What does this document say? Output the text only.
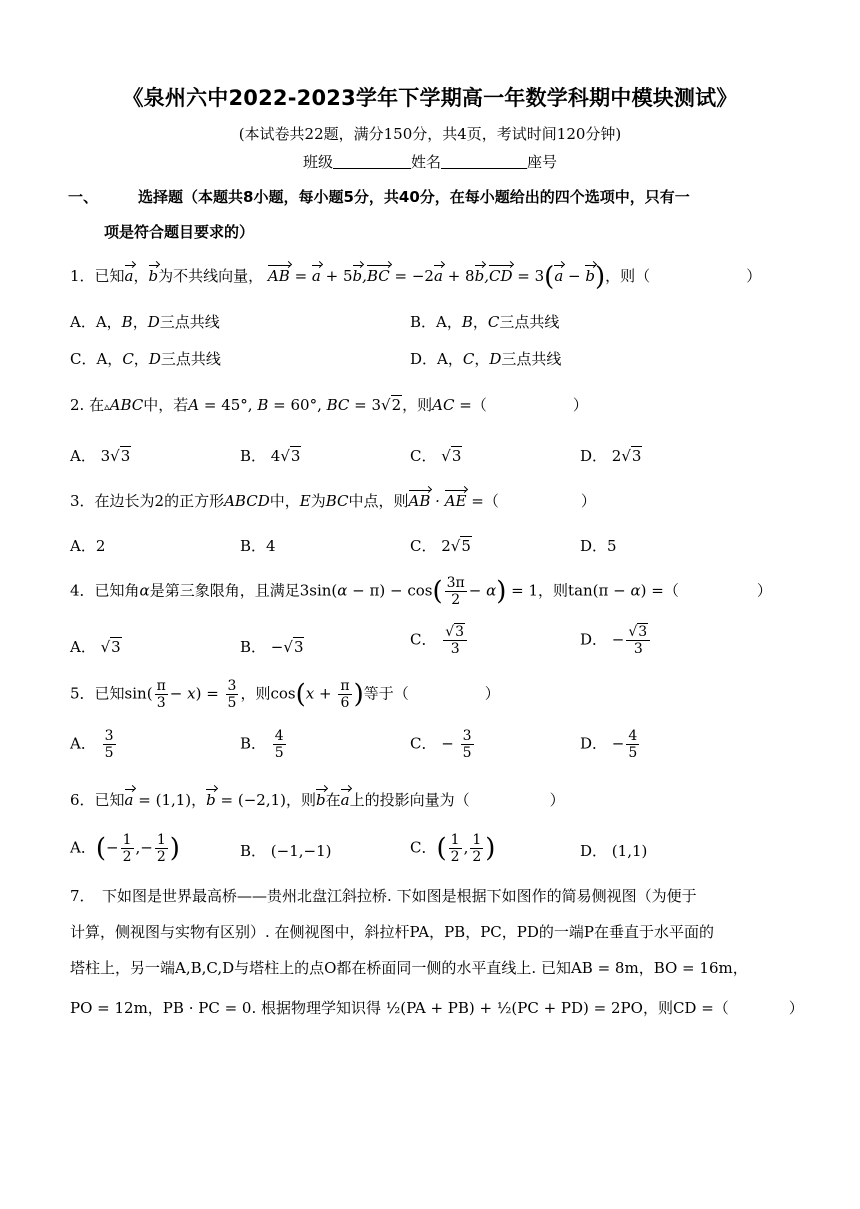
《泉州六中2022-2023学年下学期高一年数学科期中模块测试》
(本试卷共22题，满分150分，共4页，考试时间120分钟)
班级	姓名	座号
一、	选择题（本题共8小题，每小题5分，共40分，在每小题给出的四个选项中，只有一
项是符合题目要求的）
1．已知a，b为不共线向量， AB = a + 5b,BC = −2a + 8b,CD = 3(a − b)，则（	）
A．A，B，D三点共线	B．A，B，C三点共线
C．A，C，D三点共线	D．A，C，D三点共线
2. 在▵ABC中，若A = 45°, B = 60°, BC = 3√2，则AC =（	）
A． 3√3	B． 4√3	C． √3	D． 2√3
3．在边长为2的正方形ABCD中，E为BC中点，则AB · AE =（	）
A．2	B．4	C． 2√5	D．5
4．已知角α是第三象限角，且满足$3\sin(\alpha - \pi) - \cos( \frac{3\pi}{2} - \alpha) = 1$，则tan(π − α) =（	）
A． √3	B． −√3	C． $\frac{√3}{3}$	D． − $\frac{√3}{3}$
5．已知$\sin( \frac{\pi}{3} - x) = \frac{3}{5}$ ，则$\cos(x + \frac{\pi}{6}$ )等于（	）
A． $\frac{3}{5}$	B． $\frac{4}{5}$	C． − $\frac{3}{5}$	D． − $\frac{4}{5}$
6．已知a = (1,1)，b = (−2,1)，则b在a上的投影向量为（	）
A．(− $\frac{1}{2}$ ,− $\frac{1}{2}$ )	B． (−1,−1)	C．( $\frac{1}{2}$ , $\frac{1}{2}$ )	D． (1,1)
7．　下如图是世界最高桥——贵州北盘江斜拉桥. 下如图是根据下如图作的简易侧视图（为便于
计算，侧视图与实物有区别）. 在侧视图中，斜拉杆PA，PB，PC，PD的一端P在垂直于水平面的
塔柱上，另一端A,B,C,D与塔柱上的点O都在桥面同一侧的水平直线上. 已知AB = 8m，BO = 16m，
PO = 12m，PB · PC = 0. 根据物理学知识得 ½(PA + PB) + ½(PC + PD) = 2PO，则CD =（　　　　）
